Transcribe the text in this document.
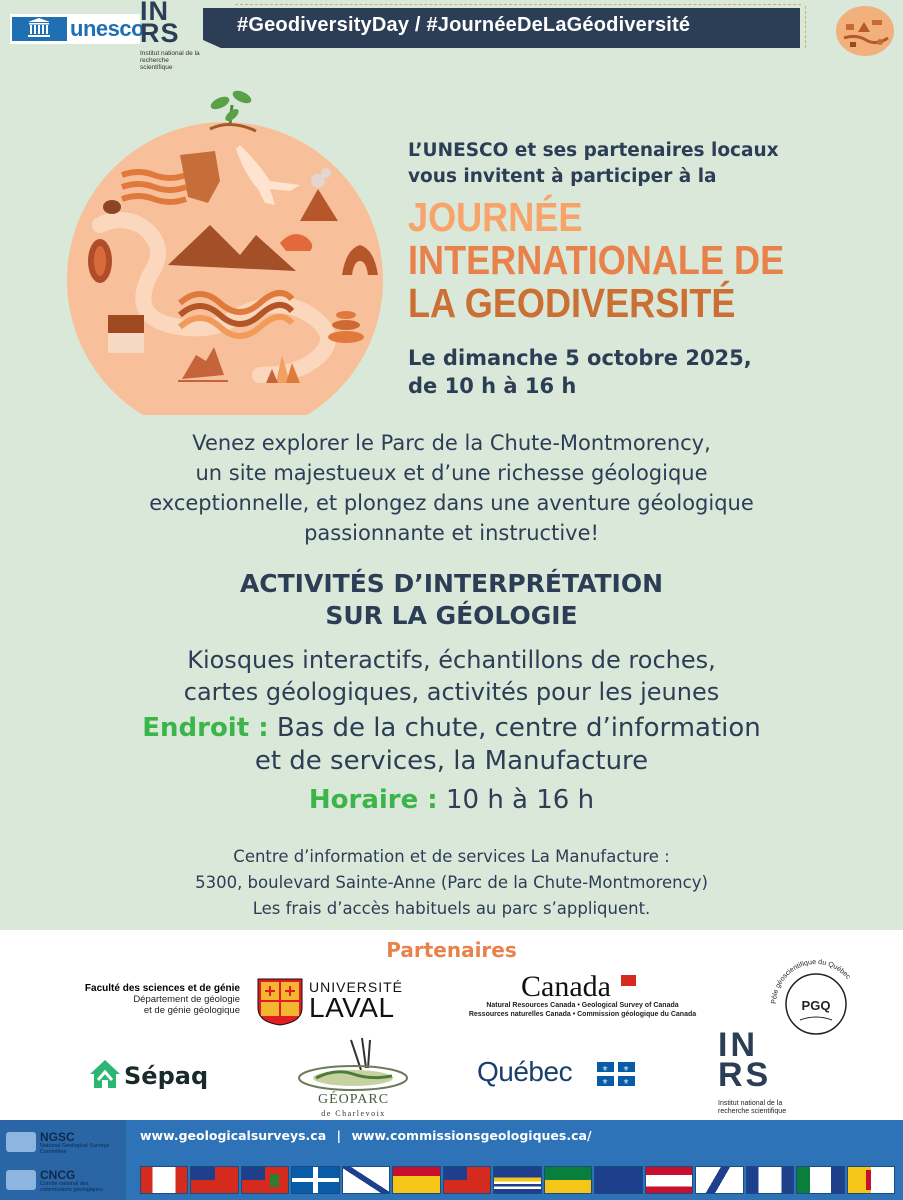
unesco
IN
RS
Institut national de la recherche scientifique
#GeodiversityDay / #JournéeDeLaGéodiversité
L’UNESCO et ses partenaires locaux
vous invitent à participer à la
JOURNÉE
INTERNATIONALE DE
LA GEODIVERSITÉ
Le dimanche 5 octobre 2025,
de 10 h à 16 h
Venez explorer le Parc de la Chute-Montmorency,
un site majestueux et d’une richesse géologique
exceptionnelle, et plongez dans une aventure géologique
passionnante et instructive!
ACTIVITÉS D’INTERPRÉTATION
SUR LA GÉOLOGIE
Kiosques interactifs, échantillons de roches,
cartes géologiques, activités pour les jeunes
Endroit : Bas de la chute, centre d’information
et de services, la Manufacture
Horaire : 10 h à 16 h
Centre d’information et de services La Manufacture :
5300, boulevard Sainte-Anne (Parc de la Chute-Montmorency)
Les frais d’accès habituels au parc s’appliquent.
Partenaires
Faculté des sciences et de génie
Département de géologie
et de génie géologique
UNIVERSITÉ
LAVAL
Canada
Natural Resources Canada • Geological Survey of Canada
Ressources naturelles Canada • Commission géologique du Canada
Pôle géoscientifique du Québec
PGQ
Sépaq
GÉOPARC
de Charlevoix
Québec	⚜ ⚜
⚜ ⚜
IN
RS
Institut national de la recherche scientifique
NGSC
National Geological Surveys Committee
CNCG
Comité national des commissions géologiques
www.geologicalsurveys.ca | www.commissionsgeologiques.ca/
